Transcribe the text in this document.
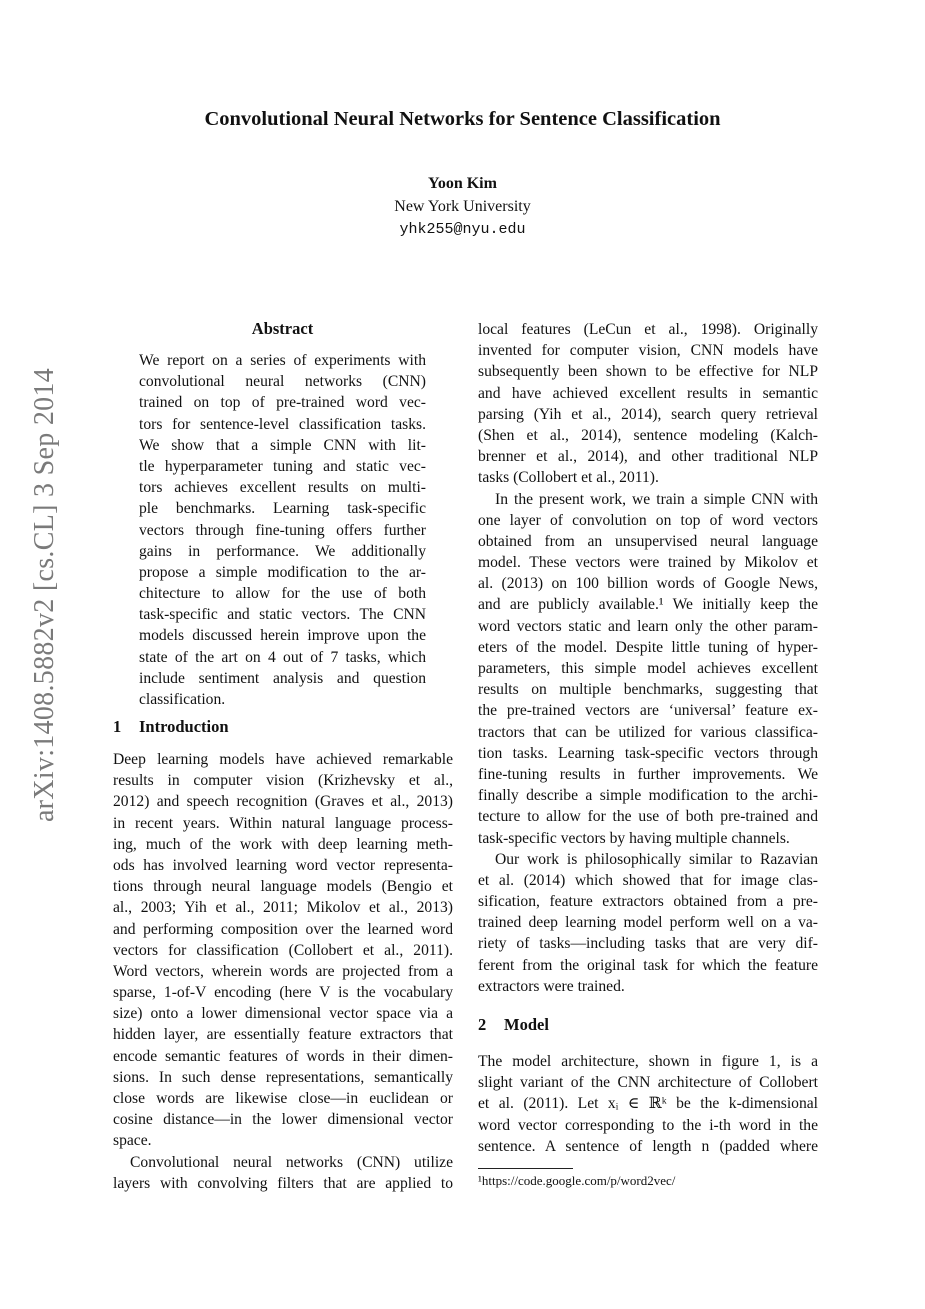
arXiv:1408.5882v2 [cs.CL] 3 Sep 2014
Convolutional Neural Networks for Sentence Classification
Yoon Kim
New York University
yhk255@nyu.edu
Abstract
We report on a series of experiments with
convolutional neural networks (CNN)
trained on top of pre-trained word vec-
tors for sentence-level classification tasks.
We show that a simple CNN with lit-
tle hyperparameter tuning and static vec-
tors achieves excellent results on multi-
ple benchmarks. Learning task-specific
vectors through fine-tuning offers further
gains in performance. We additionally
propose a simple modification to the ar-
chitecture to allow for the use of both
task-specific and static vectors. The CNN
models discussed herein improve upon the
state of the art on 4 out of 7 tasks, which
include sentiment analysis and question
classification.
1 Introduction
Deep learning models have achieved remarkable
results in computer vision (Krizhevsky et al.,
2012) and speech recognition (Graves et al., 2013)
in recent years. Within natural language process-
ing, much of the work with deep learning meth-
ods has involved learning word vector representa-
tions through neural language models (Bengio et
al., 2003; Yih et al., 2011; Mikolov et al., 2013)
and performing composition over the learned word
vectors for classification (Collobert et al., 2011).
Word vectors, wherein words are projected from a
sparse, 1-of-V encoding (here V is the vocabulary
size) onto a lower dimensional vector space via a
hidden layer, are essentially feature extractors that
encode semantic features of words in their dimen-
sions. In such dense representations, semantically
close words are likewise close—in euclidean or
cosine distance—in the lower dimensional vector
space.
Convolutional neural networks (CNN) utilize
layers with convolving filters that are applied to
local features (LeCun et al., 1998). Originally
invented for computer vision, CNN models have
subsequently been shown to be effective for NLP
and have achieved excellent results in semantic
parsing (Yih et al., 2014), search query retrieval
(Shen et al., 2014), sentence modeling (Kalch-
brenner et al., 2014), and other traditional NLP
tasks (Collobert et al., 2011).
In the present work, we train a simple CNN with
one layer of convolution on top of word vectors
obtained from an unsupervised neural language
model. These vectors were trained by Mikolov et
al. (2013) on 100 billion words of Google News,
and are publicly available.¹ We initially keep the
word vectors static and learn only the other param-
eters of the model. Despite little tuning of hyper-
parameters, this simple model achieves excellent
results on multiple benchmarks, suggesting that
the pre-trained vectors are ‘universal’ feature ex-
tractors that can be utilized for various classifica-
tion tasks. Learning task-specific vectors through
fine-tuning results in further improvements. We
finally describe a simple modification to the archi-
tecture to allow for the use of both pre-trained and
task-specific vectors by having multiple channels.
Our work is philosophically similar to Razavian
et al. (2014) which showed that for image clas-
sification, feature extractors obtained from a pre-
trained deep learning model perform well on a va-
riety of tasks—including tasks that are very dif-
ferent from the original task for which the feature
extractors were trained.
2 Model
The model architecture, shown in figure 1, is a
slight variant of the CNN architecture of Collobert
et al. (2011). Let xᵢ ∈ ℝᵏ be the k-dimensional
word vector corresponding to the i-th word in the
sentence. A sentence of length n (padded where
¹https://code.google.com/p/word2vec/
